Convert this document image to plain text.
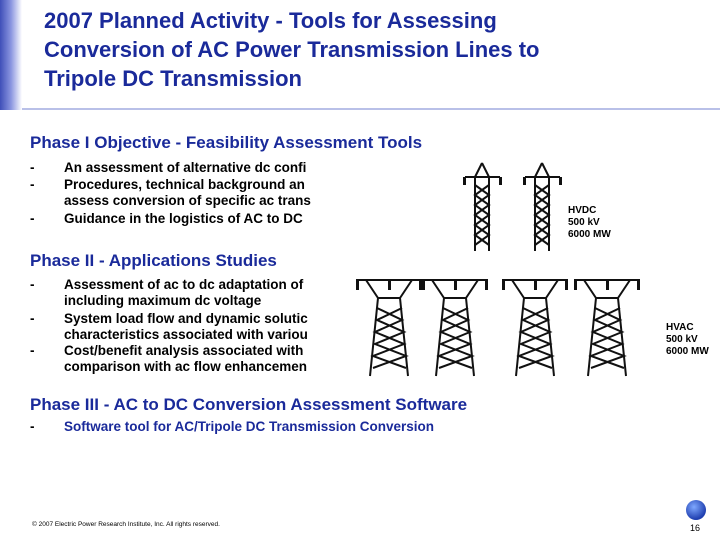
2007 Planned Activity - Tools for Assessing
Conversion of AC Power Transmission Lines to
Tripole DC Transmission
Phase I Objective - Feasibility Assessment Tools
- An assessment of alternative dc confi
- Procedures, technical background an
assess conversion of specific ac trans
- Guidance in the logistics of AC to DC
HVDC
500 kV
6000 MW
Phase II - Applications Studies
- Assessment of ac to dc adaptation of
including maximum dc voltage
- System load flow and dynamic solutic
characteristics associated with variou
- Cost/benefit analysis associated with
comparison with ac flow enhancemen
HVAC
500 kV
6000 MW
Phase III - AC to DC Conversion Assessment Software
- Software tool for AC/Tripole DC Transmission Conversion
© 2007 Electric Power Research Institute, Inc. All rights reserved.	16
